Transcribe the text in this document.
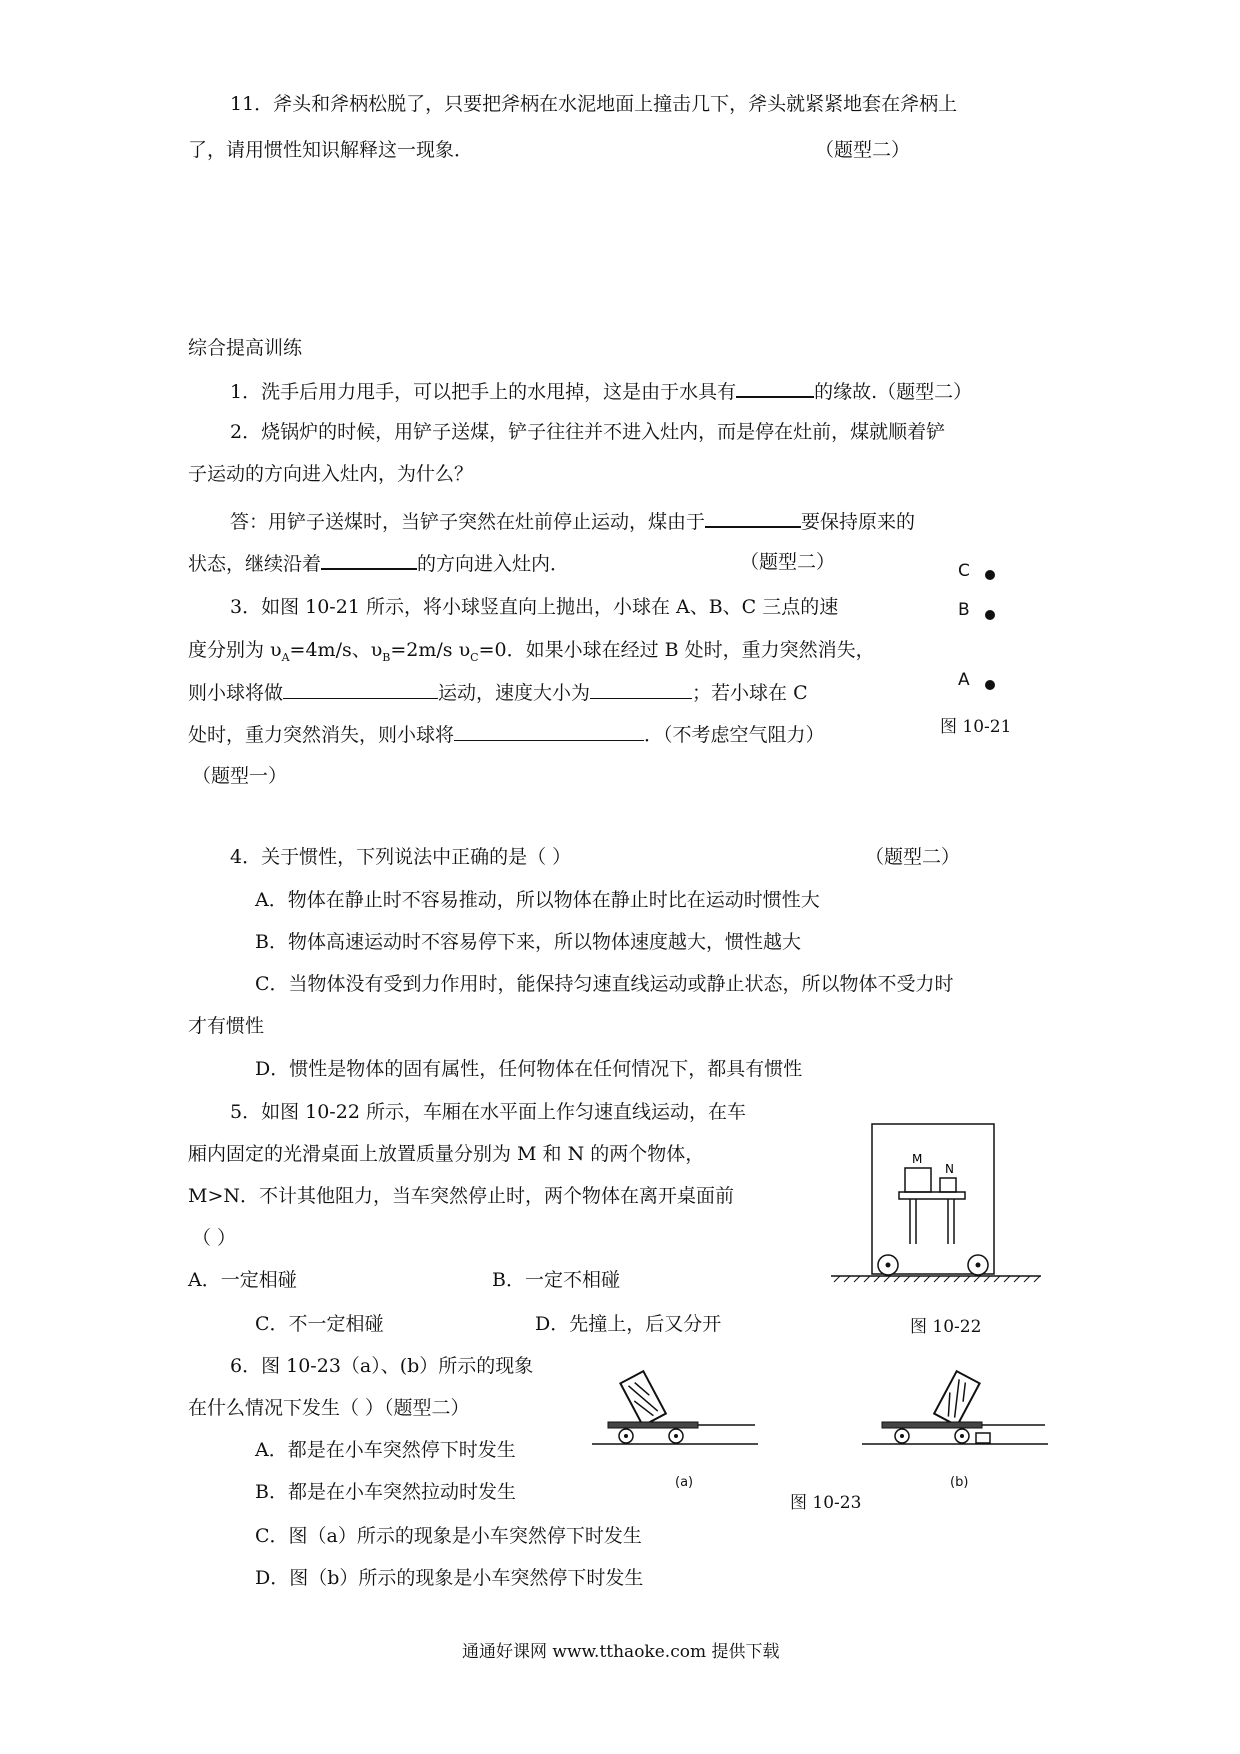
11．斧头和斧柄松脱了，只要把斧柄在水泥地面上撞击几下，斧头就紧紧地套在斧柄上
了，请用惯性知识解释这一现象．	（题型二）
综合提高训练
1．洗手后用力甩手，可以把手上的水甩掉，这是由于水具有	的缘故.（题型二）
2．烧锅炉的时候，用铲子送煤，铲子往往并不进入灶内，而是停在灶前，煤就顺着铲
子运动的方向进入灶内，为什么？
答：用铲子送煤时，当铲子突然在灶前停止运动，煤由于	要保持原来的
状态，继续沿着	的方向进入灶内．	（题型二）
3．如图 10-21 所示，将小球竖直向上抛出，小球在 A、B、C 三点的速
度分别为 $\upsilon_A=4m/s$、$\upsilon_B=2m/s$ $\upsilon_C=0$．如果小球在经过 B 处时，重力突然消失，
则小球将做	运动，速度大小为	；若小球在 C
处时，重力突然消失，则小球将	．（不考虑空气阻力）
（题型一）
C
B
A
图 10-21
4．关于惯性，下列说法中正确的是（ ）	（题型二）
A．物体在静止时不容易推动，所以物体在静止时比在运动时惯性大
B．物体高速运动时不容易停下来，所以物体速度越大，惯性越大
C．当物体没有受到力作用时，能保持匀速直线运动或静止状态，所以物体不受力时
才有惯性
D．惯性是物体的固有属性，任何物体在任何情况下，都具有惯性
5．如图 10-22 所示，车厢在水平面上作匀速直线运动，在车
厢内固定的光滑桌面上放置质量分别为 M 和 N 的两个物体，
M>N．不计其他阻力，当车突然停止时，两个物体在离开桌面前
（ ）
A．一定相碰	B．一定不相碰
C．不一定相碰	D．先撞上，后又分开
M
N
图 10-22
6．图 10-23（a）、(b）所示的现象
在什么情况下发生（ ）（题型二）
A．都是在小车突然停下时发生
B．都是在小车突然拉动时发生
C．图（a）所示的现象是小车突然停下时发生
D．图（b）所示的现象是小车突然停下时发生
(a)	(b)
图 10-23
通通好课网 www.tthaoke.com 提供下载
